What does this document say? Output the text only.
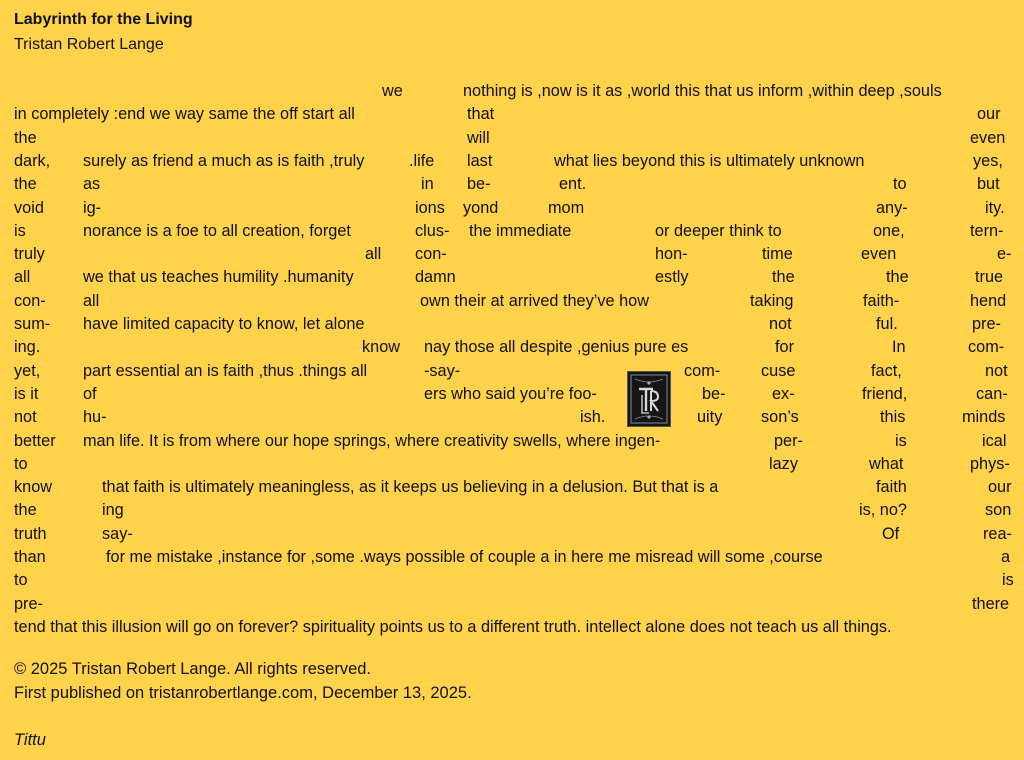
Labyrinth for the Living
Tristan Robert Lange
we	nothing is ,now is it as ,world this that us inform ,within deep ,souls
in completely :end we way same the off start all	that	our
the	will	even
dark, surely as friend a much as is faith ,truly	.life last	what lies beyond this is ultimately unknown	yes,
the	as	in be-	ent.	to	but
void ig-	ions yond	mom	any-	ity.
is	norance is a foe to all creation, forget	clus- the immediate	or deeper think to	one,	tern-
truly	all con-	hon-	time	even	e-
all	we that us teaches humility .humanity	damn	estly	the	the	true
con- all	own their at arrived they’ve how	taking	faith-	hend
sum- have limited capacity to know, let alone	not	ful.	pre-
ing.	know nay those all despite ,genius pure es	for	In	com-
yet,	part essential an is faith ,thus .things all	-say-	com-	cuse	fact,	not
is it	of	ers who said you’re foo-	be-	ex-	friend,	can-
not	hu-	ish.	uity son’s	this	minds
better man life. It is from where our hope springs, where creativity swells, where ingen-	per-	is	ical
to	lazy	what	phys-
know	that faith is ultimately meaningless, as it keeps us believing in a delusion. But that is a	faith	our
the	ing	is, no?	son
truth	say-	Of	rea-
than	for me mistake ,instance for ,some .ways possible of couple a in here me misread will some ,course	a
to	is
pre-	there
tend that this illusion will go on forever? spirituality points us to a different truth. intellect alone does not teach us all things.
© 2025 Tristan Robert Lange. All rights reserved.
First published on tristanrobertlange.com, December 13, 2025.
Tittu
